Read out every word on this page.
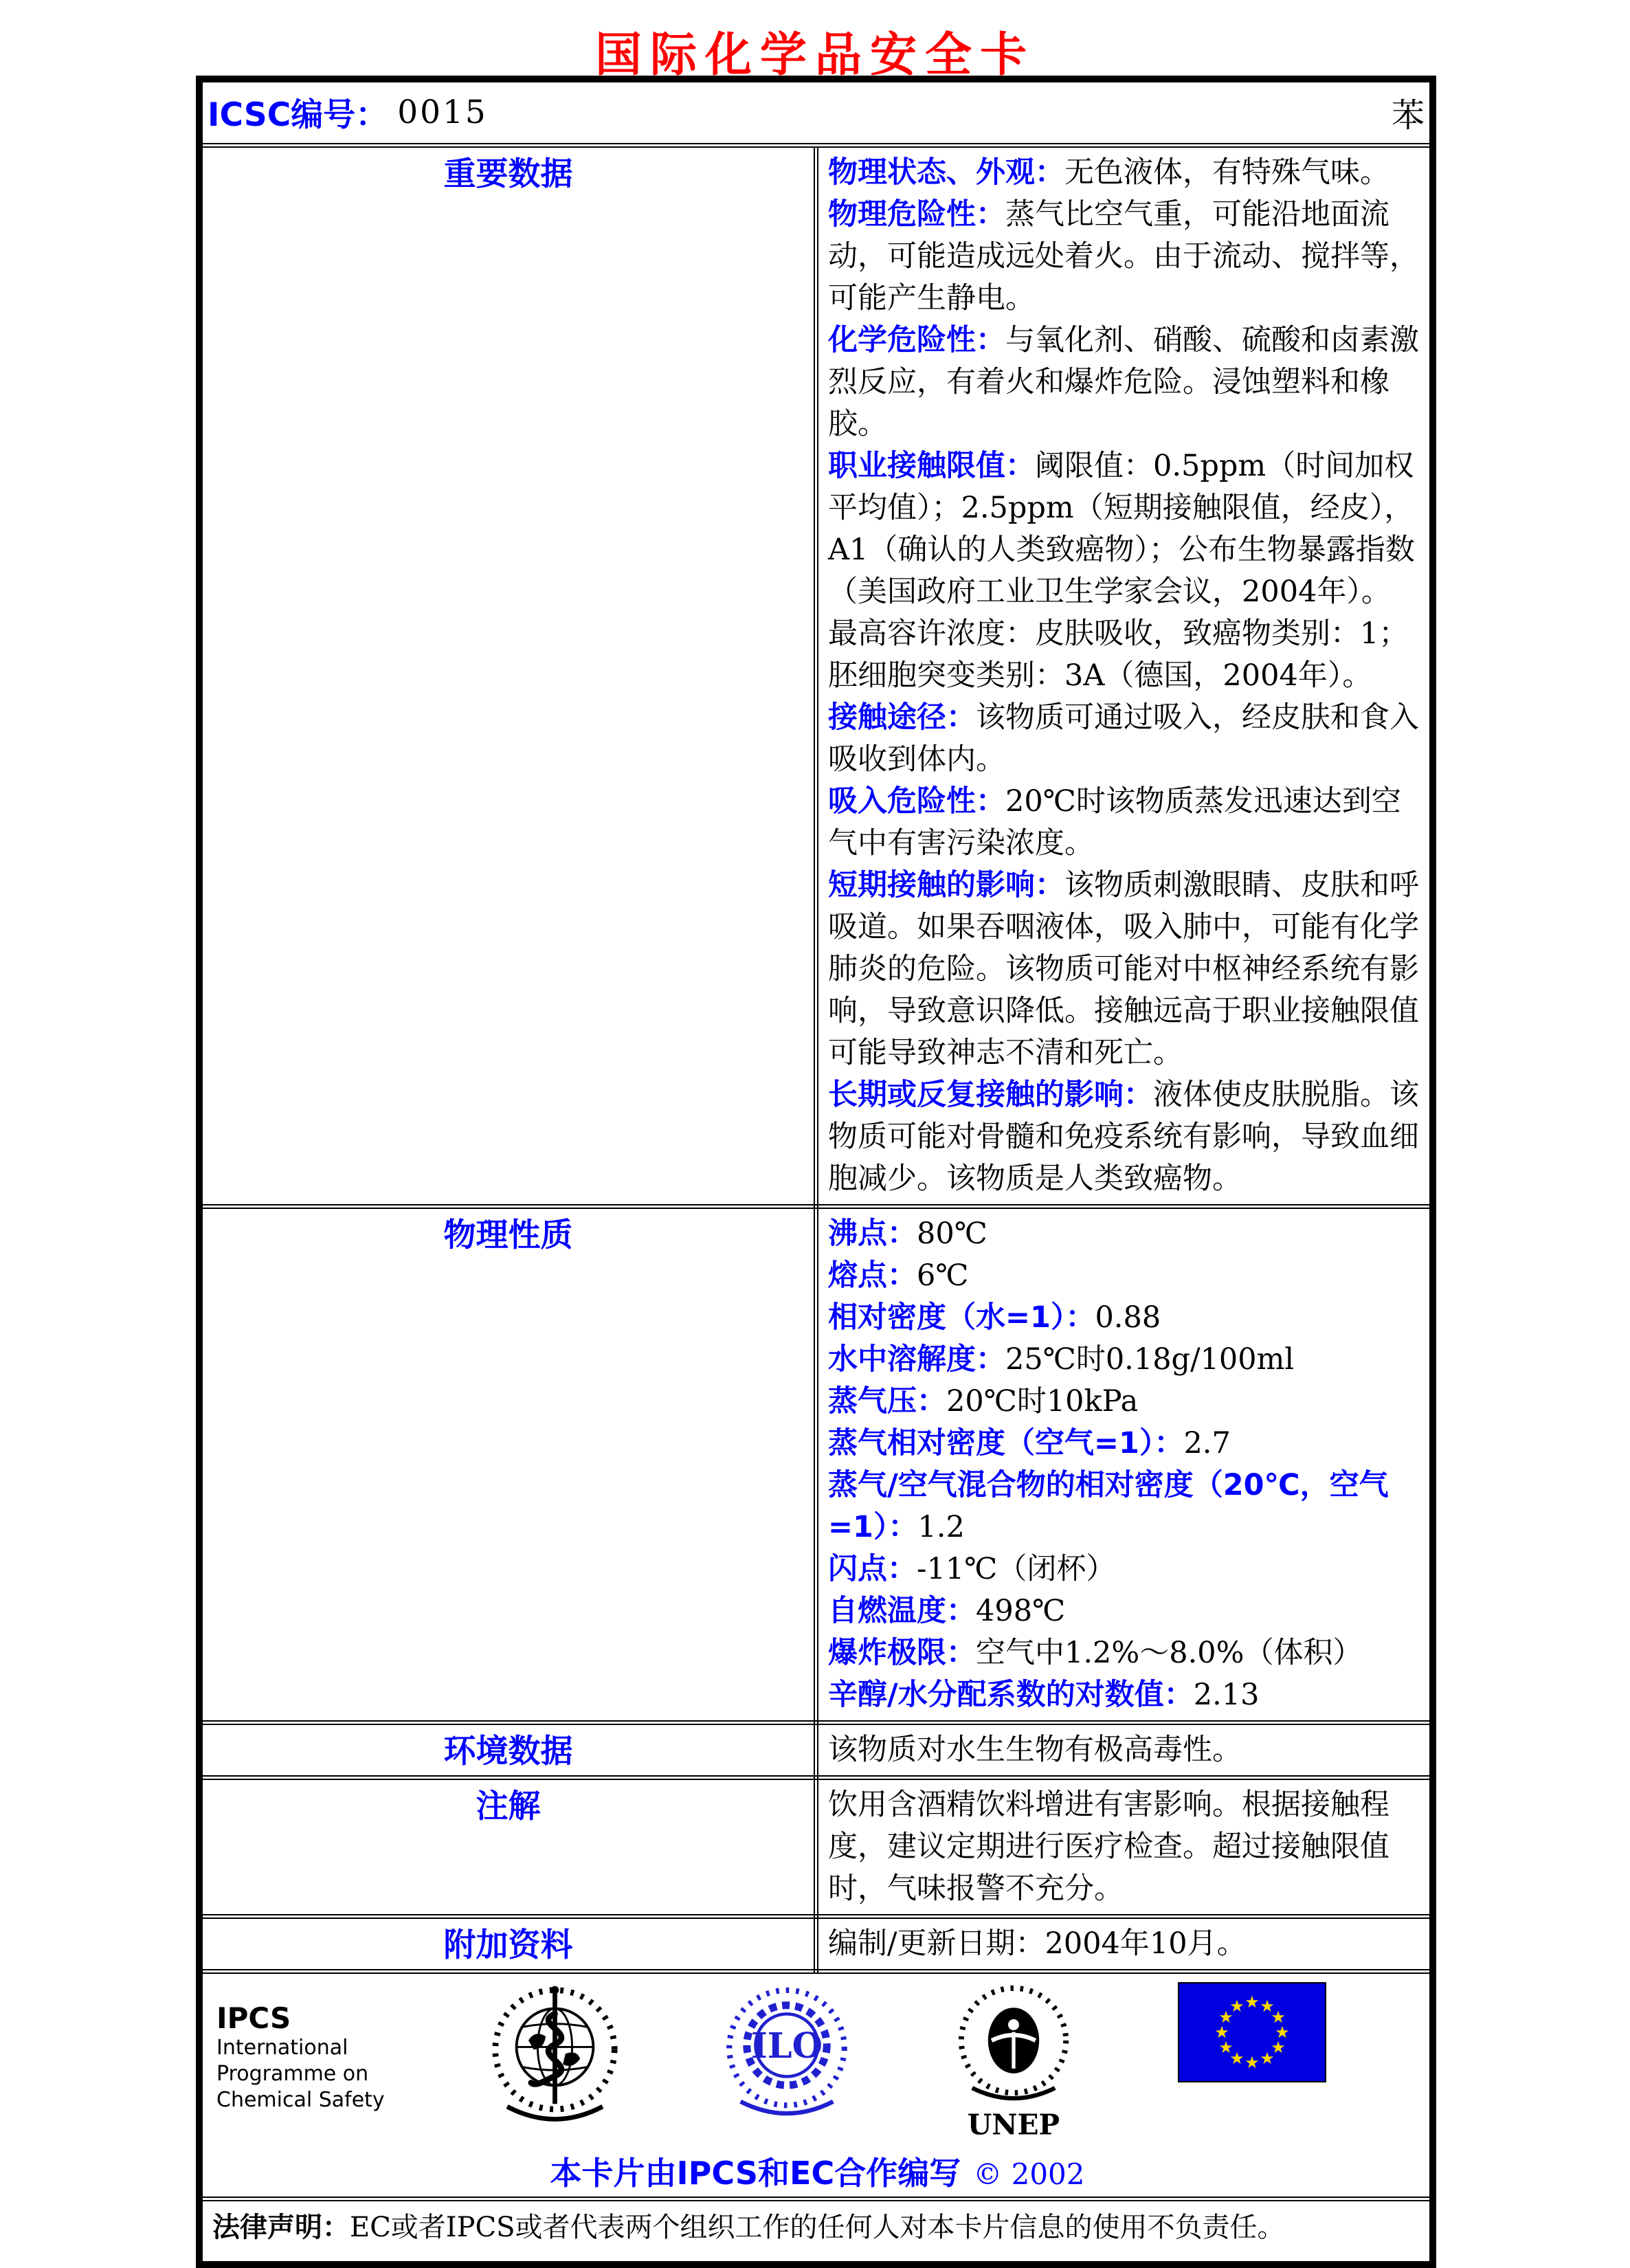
国际化学品安全卡
ICSC编号： 0015 苯	

重要数据	物理状态、外观：无色液体，有特殊气味。
物理危险性：蒸气比空气重，可能沿地面流动，可能造成远处着火。由于流动、搅拌等，可能产生静电。
化学危险性：与氧化剂、硝酸、硫酸和卤素激烈反应，有着火和爆炸危险。浸蚀塑料和橡胶。
职业接触限值：阈限值：0.5ppm（时间加权平均值）；2.5ppm（短期接触限值，经皮），A1（确认的人类致癌物）；公布生物暴露指数（美国政府工业卫生学家会议，2004年）。最高容许浓度：皮肤吸收，致癌物类别：1；胚细胞突变类别：3A（德国，2004年）。
接触途径：该物质可通过吸入，经皮肤和食入吸收到体内。
吸入危险性：20℃时该物质蒸发迅速达到空气中有害污染浓度。
短期接触的影响：该物质刺激眼睛、皮肤和呼吸道。如果吞咽液体，吸入肺中，可能有化学肺炎的危险。该物质可能对中枢神经系统有影响，导致意识降低。接触远高于职业接触限值可能导致神志不清和死亡。
长期或反复接触的影响：液体使皮肤脱脂。该物质可能对骨髓和免疫系统有影响，导致血细胞减少。该物质是人类致癌物。

物理性质	沸点：80℃
熔点：6℃
相对密度（水=1）：0.88
水中溶解度：25℃时0.18g/100ml
蒸气压：20℃时10kPa
蒸气相对密度（空气=1）：2.7
蒸气/空气混合物的相对密度（20℃，空气=1）：1.2
闪点：-11℃（闭杯）
自燃温度：498℃
爆炸极限：空气中1.2%～8.0%（体积）
辛醇/水分配系数的对数值：2.13

环境数据	该物质对水生生物有极高毒性。
注解	饮用含酒精饮料增进有害影响。根据接触程度，建议定期进行医疗检查。超过接触限值时，气味报警不充分。
附加资料	编制/更新日期：2004年10月。

IPCS
International
Programme on
Chemical Safety
ILO
UNEP
★ ★
★
★
★
★
★
★
★
★
★
★
本卡片由IPCS和EC合作编写 © 2002

法律声明：EC或者IPCS或者代表两个组织工作的任何人对本卡片信息的使用不负责任。	
